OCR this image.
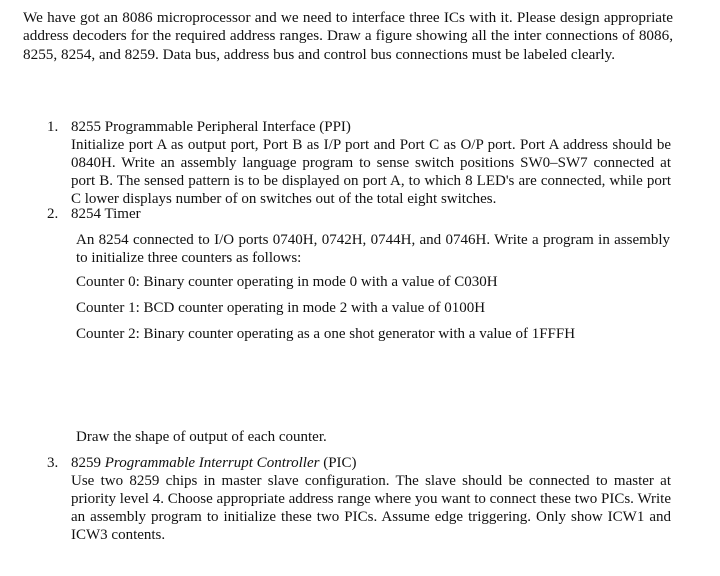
We have got an 8086 microprocessor and we need to interface three ICs with it. Please design appropriate address decoders for the required address ranges. Draw a figure showing all the inter connections of 8086, 8255, 8254, and 8259. Data bus, address bus and control bus connections must be labeled clearly.

1. 8255 Programmable Peripheral Interface (PPI)

Initialize port A as output port, Port B as I/P port and Port C as O/P port. Port A address should be 0840H. Write an assembly language program to sense switch positions SW0–SW7 connected at port B. The sensed pattern is to be displayed on port A, to which 8 LED's are connected, while port C lower displays number of on switches out of the total eight switches.

2. 8254 Timer

An 8254 connected to I/O ports 0740H, 0742H, 0744H, and 0746H. Write a program in assembly to initialize three counters as follows:

Counter 0: Binary counter operating in mode 0 with a value of C030H

Counter 1: BCD counter operating in mode 2 with a value of 0100H

Counter 2: Binary counter operating as a one shot generator with a value of 1FFFH

Draw the shape of output of each counter.

3. 8259 Programmable Interrupt Controller (PIC)

Use two 8259 chips in master slave configuration. The slave should be connected to master at priority level 4. Choose appropriate address range where you want to connect these two PICs. Write an assembly program to initialize these two PICs. Assume edge triggering. Only show ICW1 and ICW3 contents.
